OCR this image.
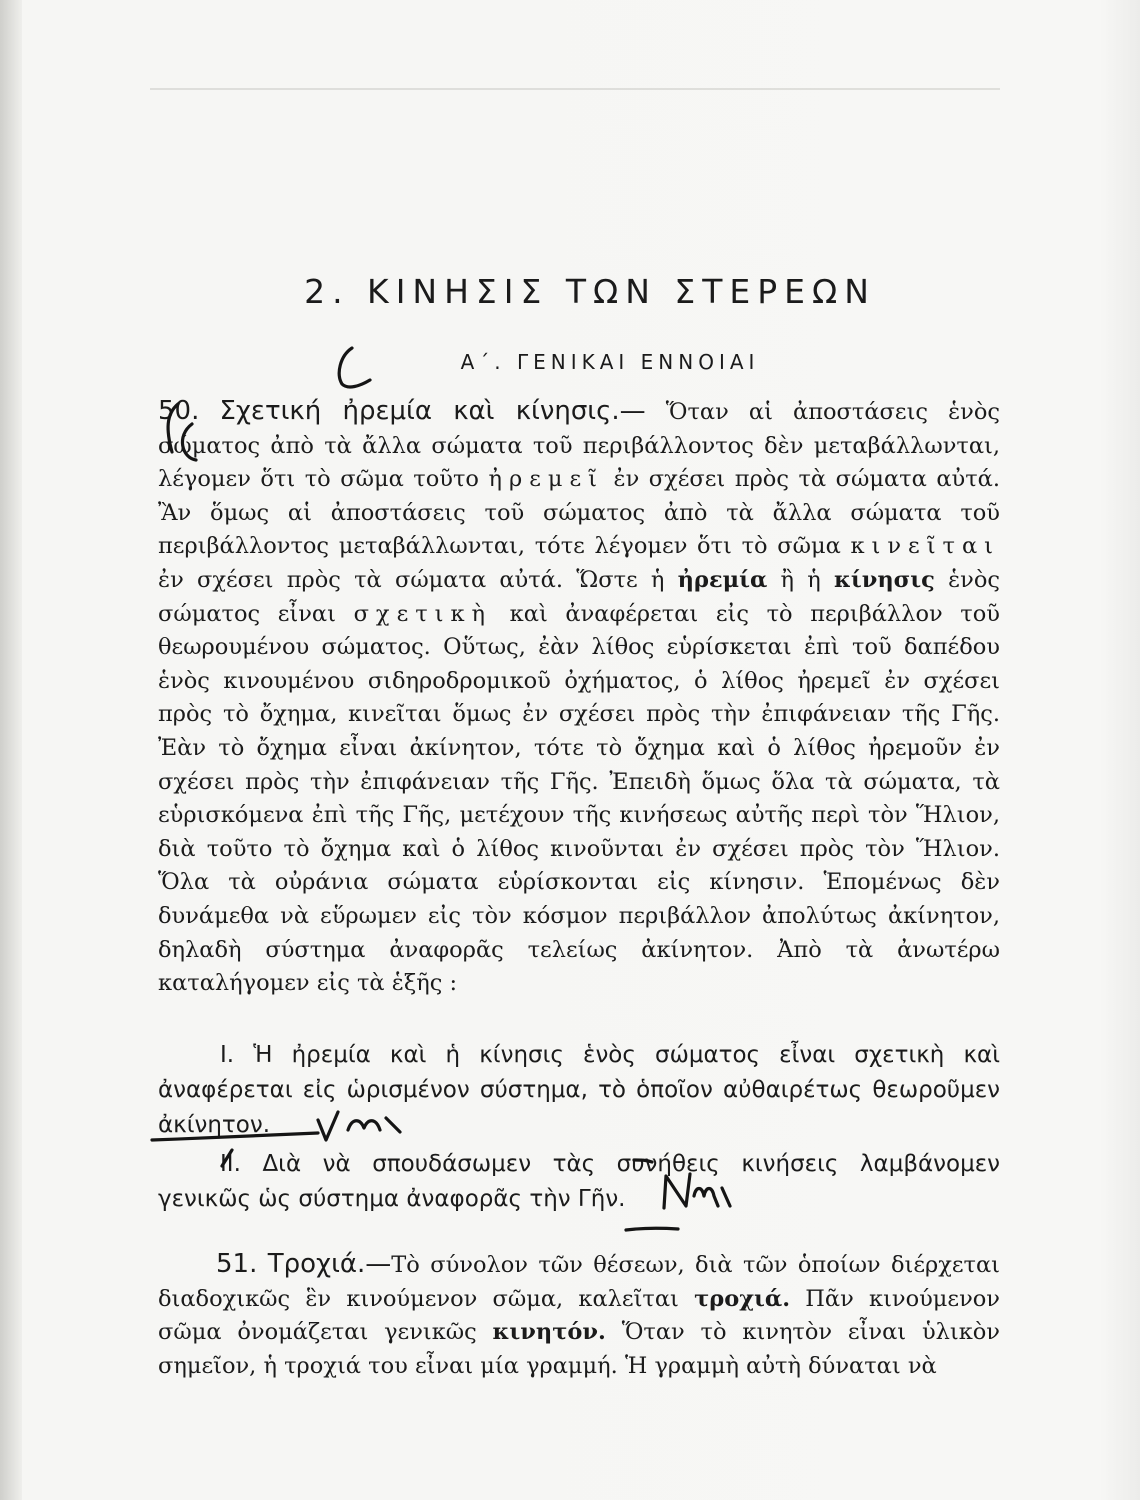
2. ΚΙΝΗΣΙΣ ΤΩΝ ΣΤΕΡΕΩΝ
Α΄. ΓΕΝΙΚΑΙ ΕΝΝΟΙΑΙ
50. Σχετική ἠρεμία καὶ κίνησις.— Ὅταν αἱ ἀποστάσεις ἑνὸς σώματος ἀπὸ τὰ ἄλλα σώματα τοῦ περιβάλλοντος δὲν μεταβάλλωνται, λέγομεν ὅτι τὸ σῶμα τοῦτο ἠρεμεῖ ἐν σχέσει πρὸς τὰ σώματα αὐτά. Ἂν ὅμως αἱ ἀποστάσεις τοῦ σώματος ἀπὸ τὰ ἄλλα σώματα τοῦ περιβάλλοντος μεταβάλλωνται, τότε λέγομεν ὅτι τὸ σῶμα κινεῖται ἐν σχέσει πρὸς τὰ σώματα αὐτά. Ὥστε ἡ ἠρεμία ἢ ἡ κίνησις ἑνὸς σώματος εἶναι σχετικὴ καὶ ἀναφέρεται εἰς τὸ περιβάλλον τοῦ θεωρουμένου σώματος. Οὕτως, ἐὰν λίθος εὑρίσκεται ἐπὶ τοῦ δαπέδου ἑνὸς κινουμένου σιδηροδρομικοῦ ὀχήματος, ὁ λίθος ἠρεμεῖ ἐν σχέσει πρὸς τὸ ὄχημα, κινεῖται ὅμως ἐν σχέσει πρὸς τὴν ἐπιφάνειαν τῆς Γῆς. Ἐὰν τὸ ὄχημα εἶναι ἀκίνητον, τότε τὸ ὄχημα καὶ ὁ λίθος ἠρεμοῦν ἐν σχέσει πρὸς τὴν ἐπιφάνειαν τῆς Γῆς. Ἐπειδὴ ὅμως ὅλα τὰ σώματα, τὰ εὑρισκόμενα ἐπὶ τῆς Γῆς, μετέχουν τῆς κινήσεως αὐτῆς περὶ τὸν Ἥλιον, διὰ τοῦτο τὸ ὄχημα καὶ ὁ λίθος κινοῦνται ἐν σχέσει πρὸς τὸν Ἥλιον. Ὅλα τὰ οὐράνια σώματα εὑρίσκονται εἰς κίνησιν. Ἑπομένως δὲν δυνάμεθα νὰ εὕρωμεν εἰς τὸν κόσμον περιβάλλον ἀπολύτως ἀκίνητον, δηλαδὴ σύστημα ἀναφορᾶς τελείως ἀκίνητον. Ἀπὸ τὰ ἀνωτέρω καταλήγομεν εἰς τὰ ἑξῆς :
I. Ἡ ἠρεμία καὶ ἡ κίνησις ἑνὸς σώματος εἶναι σχετικὴ καὶ ἀναφέρεται εἰς ὡρισμένον σύστημα, τὸ ὁποῖον αὐθαιρέτως θεωροῦμεν ἀκίνητον.
II. Διὰ νὰ σπουδάσωμεν τὰς συνήθεις κινήσεις λαμβάνομεν γενικῶς ὡς σύστημα ἀναφορᾶς τὴν Γῆν.
51. Τροχιά.—Τὸ σύνολον τῶν θέσεων, διὰ τῶν ὁποίων διέρχεται διαδοχικῶς ἓν κινούμενον σῶμα, καλεῖται τροχιά. Πᾶν κινούμενον σῶμα ὀνομάζεται γενικῶς κινητόν. Ὅταν τὸ κινητὸν εἶναι ὑλικὸν σημεῖον, ἡ τροχιά του εἶναι μία γραμμή. Ἡ γραμμὴ αὐτὴ δύναται νὰ
